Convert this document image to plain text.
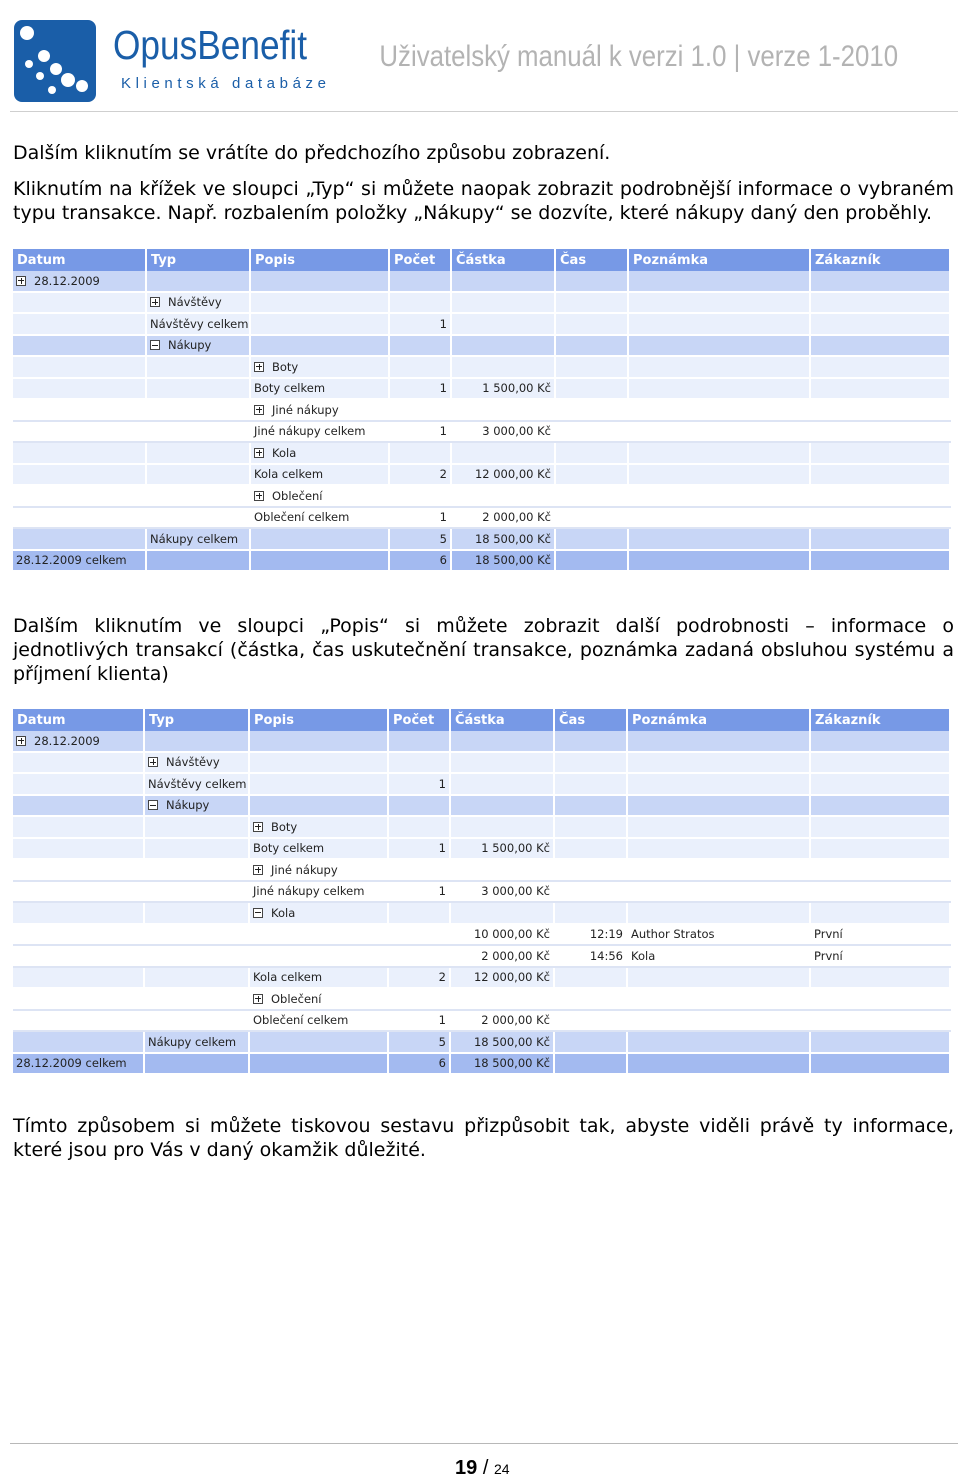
OpusBenefit
Klientská databáze
Uživatelský manuál k verzi 1.0 | verze 1-2010

Dalším kliknutím se vrátíte do předchozího způsobu zobrazení.

Kliknutím na křížek ve sloupci „Typ“ si můžete naopak zobrazit podrobnější informace o vybraném typu transakce. Např. rozbalením položky „Nákupy“ se dozvíte, které nákupy daný den proběhly.

Datum	Typ	Popis	Počet	Částka	Čas	Poznámka	Zákazník
28.12.2009							
	Návštěvy						
	Návštěvy celkem		1				
	Nákupy						
		Boty					
		Boty celkem	1	1 500,00 Kč			
		Jiné nákupy					
		Jiné nákupy celkem	1	3 000,00 Kč			
		Kola					
		Kola celkem	2	12 000,00 Kč			
		Oblečení					
		Oblečení celkem	1	2 000,00 Kč			
	Nákupy celkem		5	18 500,00 Kč			
28.12.2009 celkem			6	18 500,00 Kč			

Dalším kliknutím ve sloupci „Popis“ si můžete zobrazit další podrobnosti – informace o jednotlivých transakcí (částka, čas uskutečnění transakce, poznámka zadaná obsluhou systému a příjmení klienta)

Datum	Typ	Popis	Počet	Částka	Čas	Poznámka	Zákazník
28.12.2009							
	Návštěvy						
	Návštěvy celkem		1				
	Nákupy						
		Boty					
		Boty celkem	1	1 500,00 Kč			
		Jiné nákupy					
		Jiné nákupy celkem	1	3 000,00 Kč			
		Kola					
				10 000,00 Kč	12:19	Author Stratos	První
				2 000,00 Kč	14:56	Kola	První
		Kola celkem	2	12 000,00 Kč			
		Oblečení					
		Oblečení celkem	1	2 000,00 Kč			
	Nákupy celkem		5	18 500,00 Kč			
28.12.2009 celkem			6	18 500,00 Kč			

Tímto způsobem si můžete tiskovou sestavu přizpůsobit tak, abyste viděli právě ty informace, které jsou pro Vás v daný okamžik důležité.

19 / 24
